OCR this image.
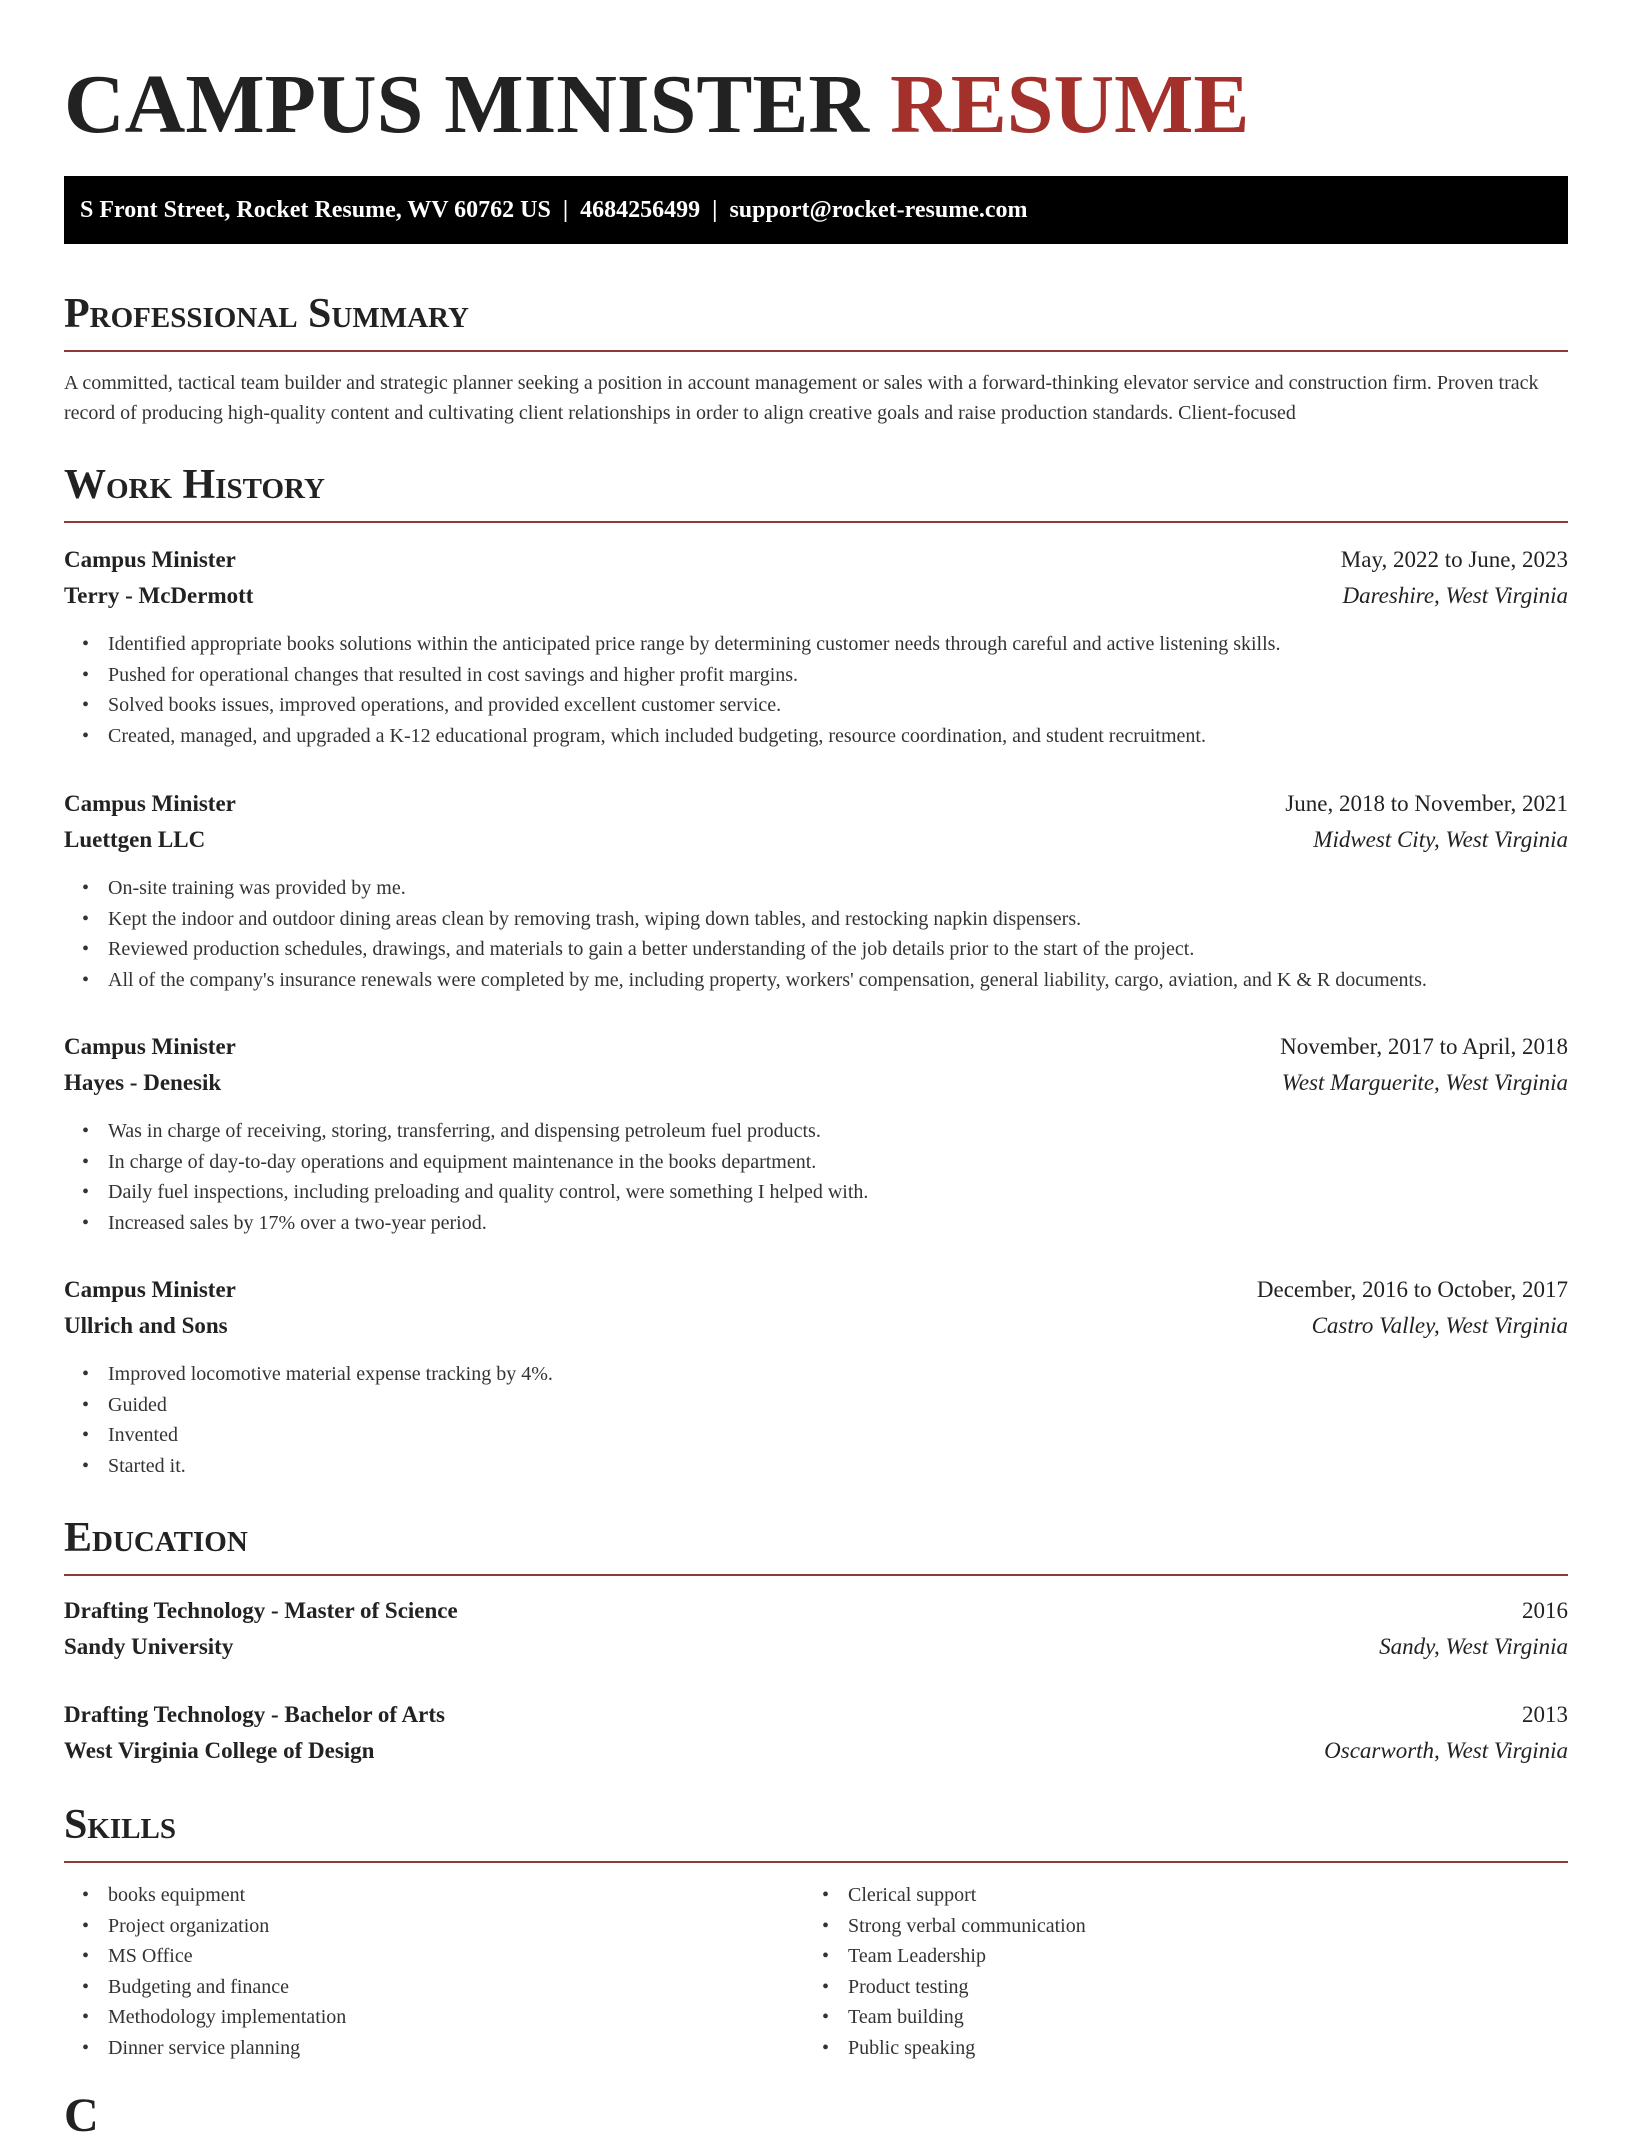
CAMPUS MINISTER RESUME
S Front Street, Rocket Resume, WV 60762 US | 4684256499 | support@rocket-resume.com
Professional Summary

A committed, tactical team builder and strategic planner seeking a position in account management or sales with a forward-thinking elevator service and construction firm. Proven track record of producing high-quality content and cultivating client relationships in order to align creative goals and raise production standards. Client-focused

Work History
Campus Minister	May, 2022 to June, 2023
Terry - McDermott	Dareshire, West Virginia
• Identified appropriate books solutions within the anticipated price range by determining customer needs through careful and active listening skills.
• Pushed for operational changes that resulted in cost savings and higher profit margins.
• Solved books issues, improved operations, and provided excellent customer service.
• Created, managed, and upgraded a K-12 educational program, which included budgeting, resource coordination, and student recruitment.
Campus Minister	June, 2018 to November, 2021
Luettgen LLC	Midwest City, West Virginia
• On-site training was provided by me.
• Kept the indoor and outdoor dining areas clean by removing trash, wiping down tables, and restocking napkin dispensers.
• Reviewed production schedules, drawings, and materials to gain a better understanding of the job details prior to the start of the project.
• All of the company's insurance renewals were completed by me, including property, workers' compensation, general liability, cargo, aviation, and K & R documents.
Campus Minister	November, 2017 to April, 2018
Hayes - Denesik	West Marguerite, West Virginia
• Was in charge of receiving, storing, transferring, and dispensing petroleum fuel products.
• In charge of day-to-day operations and equipment maintenance in the books department.
• Daily fuel inspections, including preloading and quality control, were something I helped with.
• Increased sales by 17% over a two-year period.
Campus Minister	December, 2016 to October, 2017
Ullrich and Sons	Castro Valley, West Virginia
• Improved locomotive material expense tracking by 4%.
• Guided
• Invented
• Started it.
Education
Drafting Technology - Master of Science	2016
Sandy University	Sandy, West Virginia
Drafting Technology - Bachelor of Arts	2013
West Virginia College of Design	Oscarworth, West Virginia
Skills
• books equipment
• Project organization
• MS Office
• Budgeting and finance
• Methodology implementation
• Dinner service planning
• Clerical support
• Strong verbal communication
• Team Leadership
• Product testing
• Team building
• Public speaking
C
